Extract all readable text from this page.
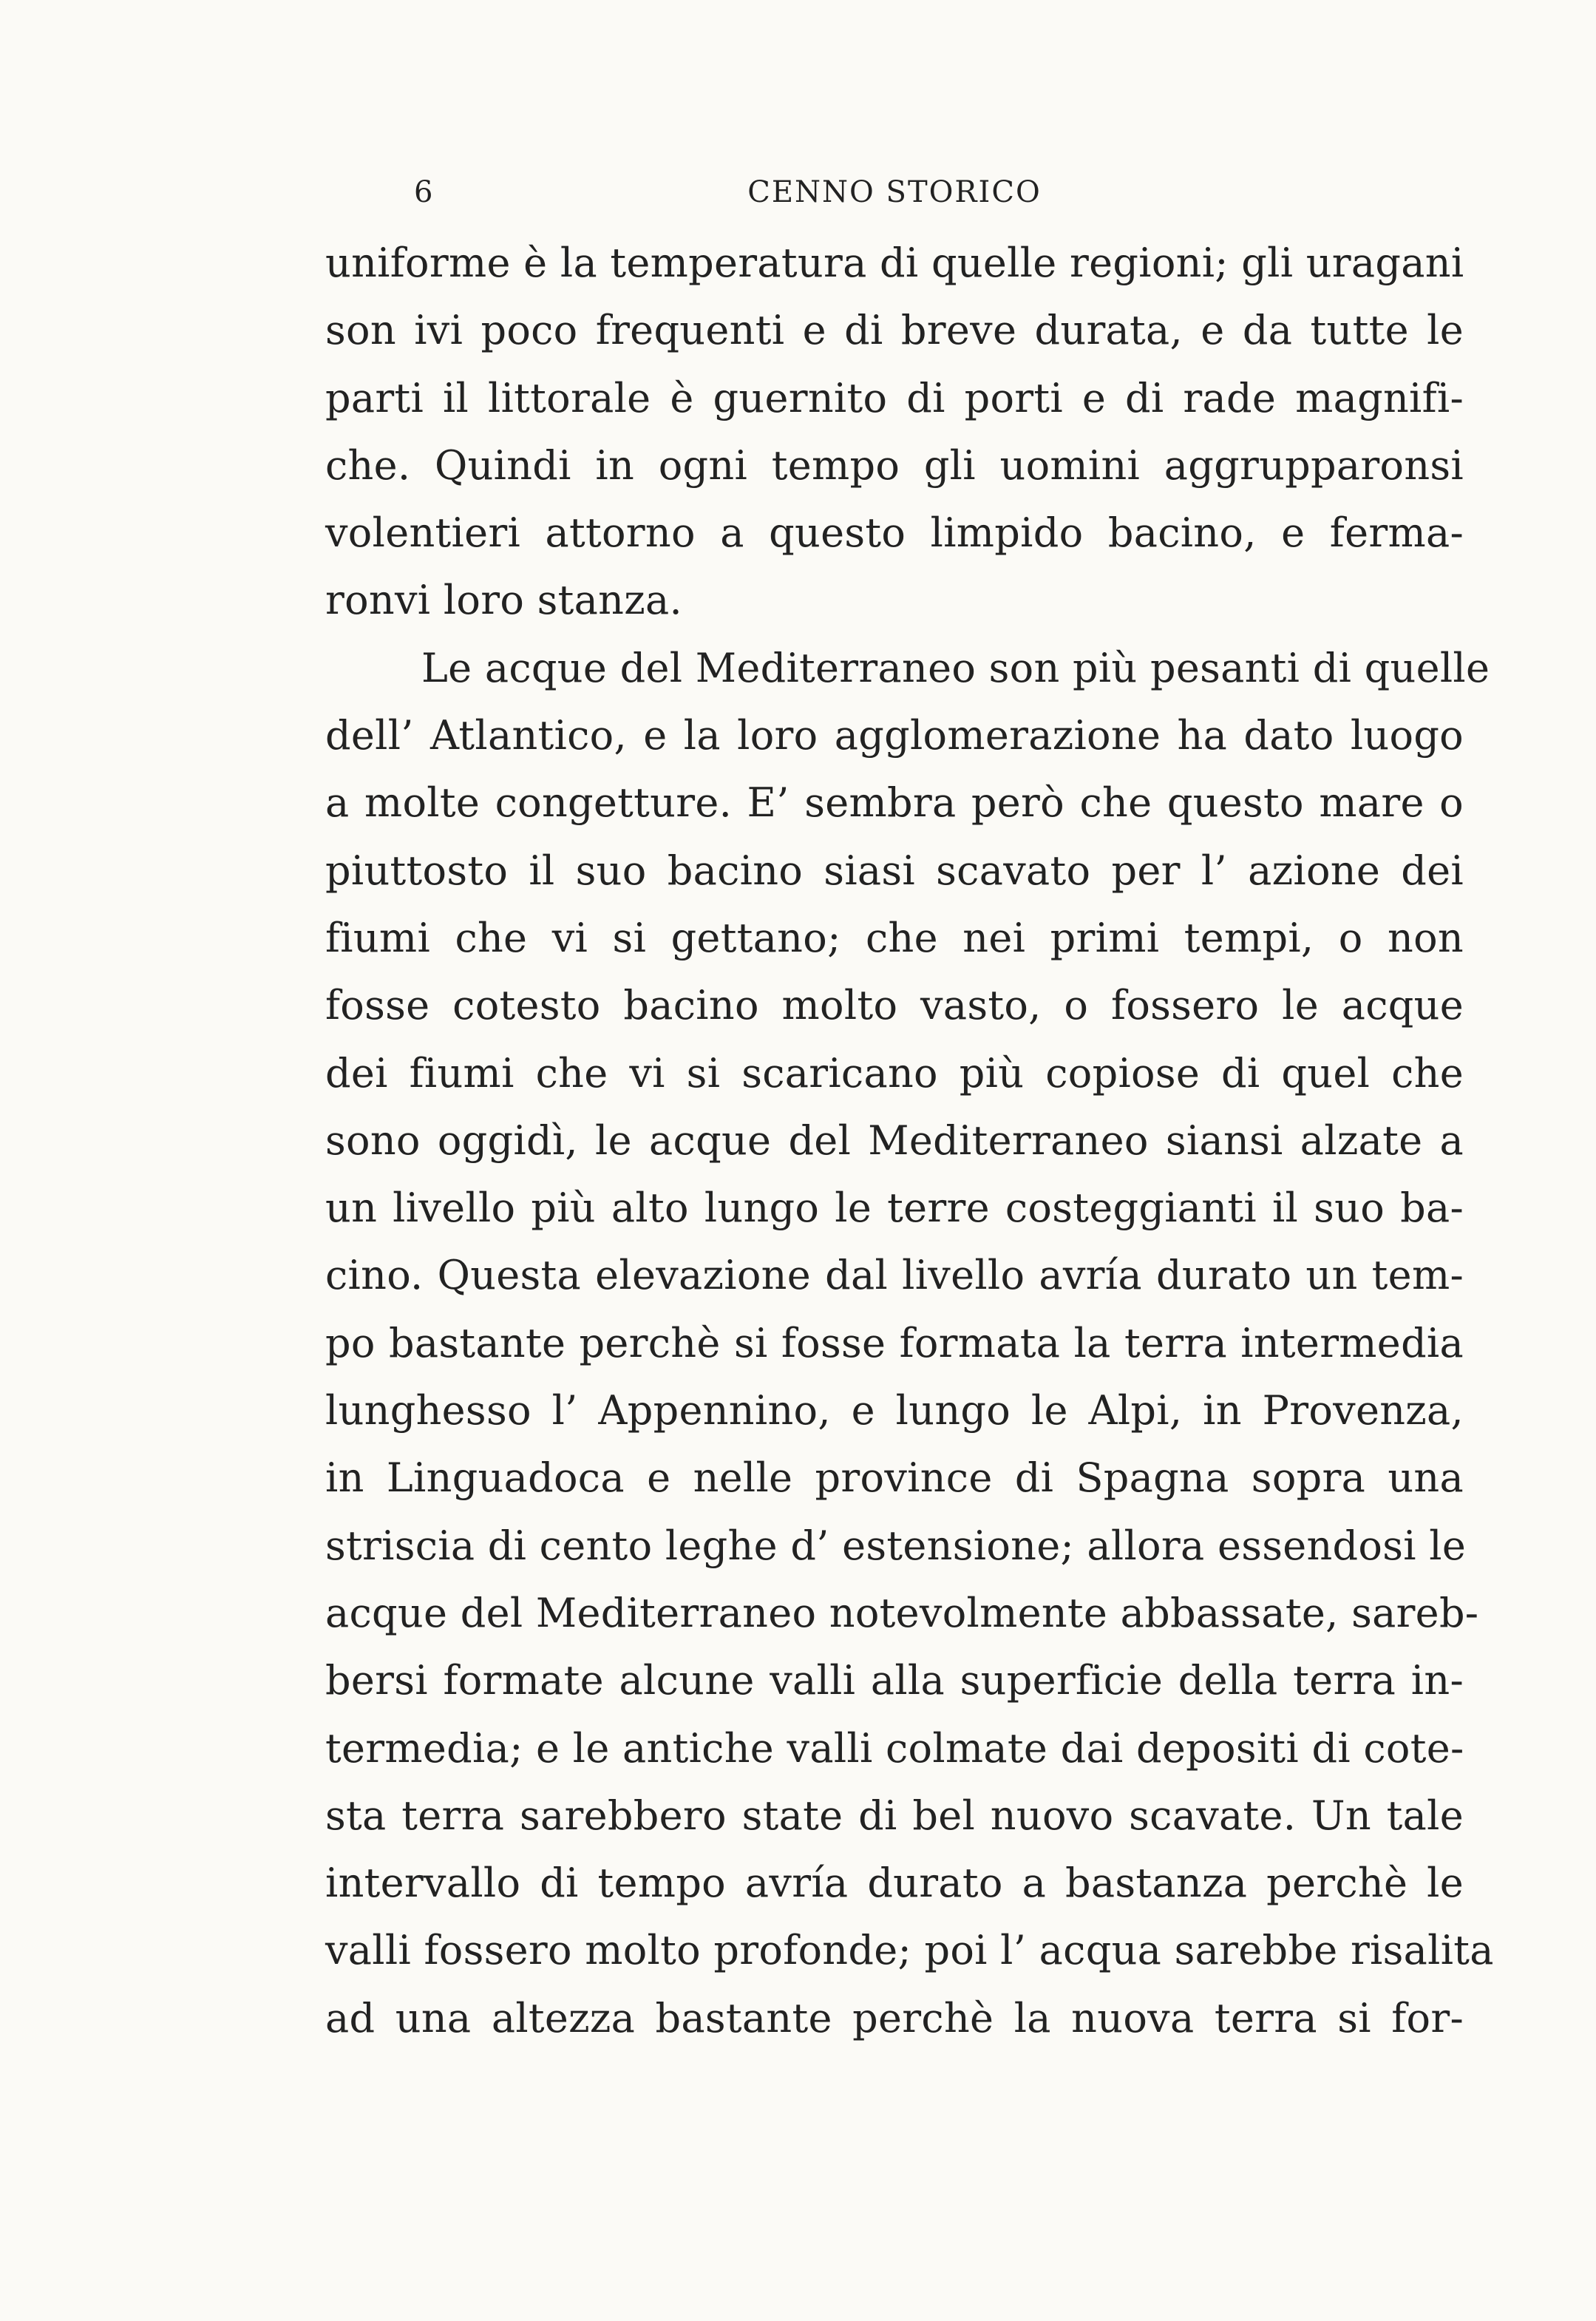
6	CENNO STORICO
uniforme è la temperatura di quelle regioni; gli uragani
son ivi poco frequenti e di breve durata, e da tutte le
parti il littorale è guernito di porti e di rade magnifi-
che. Quindi in ogni tempo gli uomini aggrupparonsi
volentieri attorno a questo limpido bacino, e ferma-
ronvi loro stanza.
Le acque del Mediterraneo son più pesanti di quelle
dell’ Atlantico, e la loro agglomerazione ha dato luogo
a molte congetture. E’ sembra però che questo mare o
piuttosto il suo bacino siasi scavato per l’ azione dei
fiumi che vi si gettano; che nei primi tempi, o non
fosse cotesto bacino molto vasto, o fossero le acque
dei fiumi che vi si scaricano più copiose di quel che
sono oggidì, le acque del Mediterraneo siansi alzate a
un livello più alto lungo le terre costeggianti il suo ba-
cino. Questa elevazione dal livello avría durato un tem-
po bastante perchè si fosse formata la terra intermedia
lunghesso l’ Appennino, e lungo le Alpi, in Provenza,
in Linguadoca e nelle province di Spagna sopra una
striscia di cento leghe d’ estensione; allora essendosi le
acque del Mediterraneo notevolmente abbassate, sareb-
bersi formate alcune valli alla superficie della terra in-
termedia; e le antiche valli colmate dai depositi di cote-
sta terra sarebbero state di bel nuovo scavate. Un tale
intervallo di tempo avría durato a bastanza perchè le
valli fossero molto profonde; poi l’ acqua sarebbe risalita
ad una altezza bastante perchè la nuova terra si for-
